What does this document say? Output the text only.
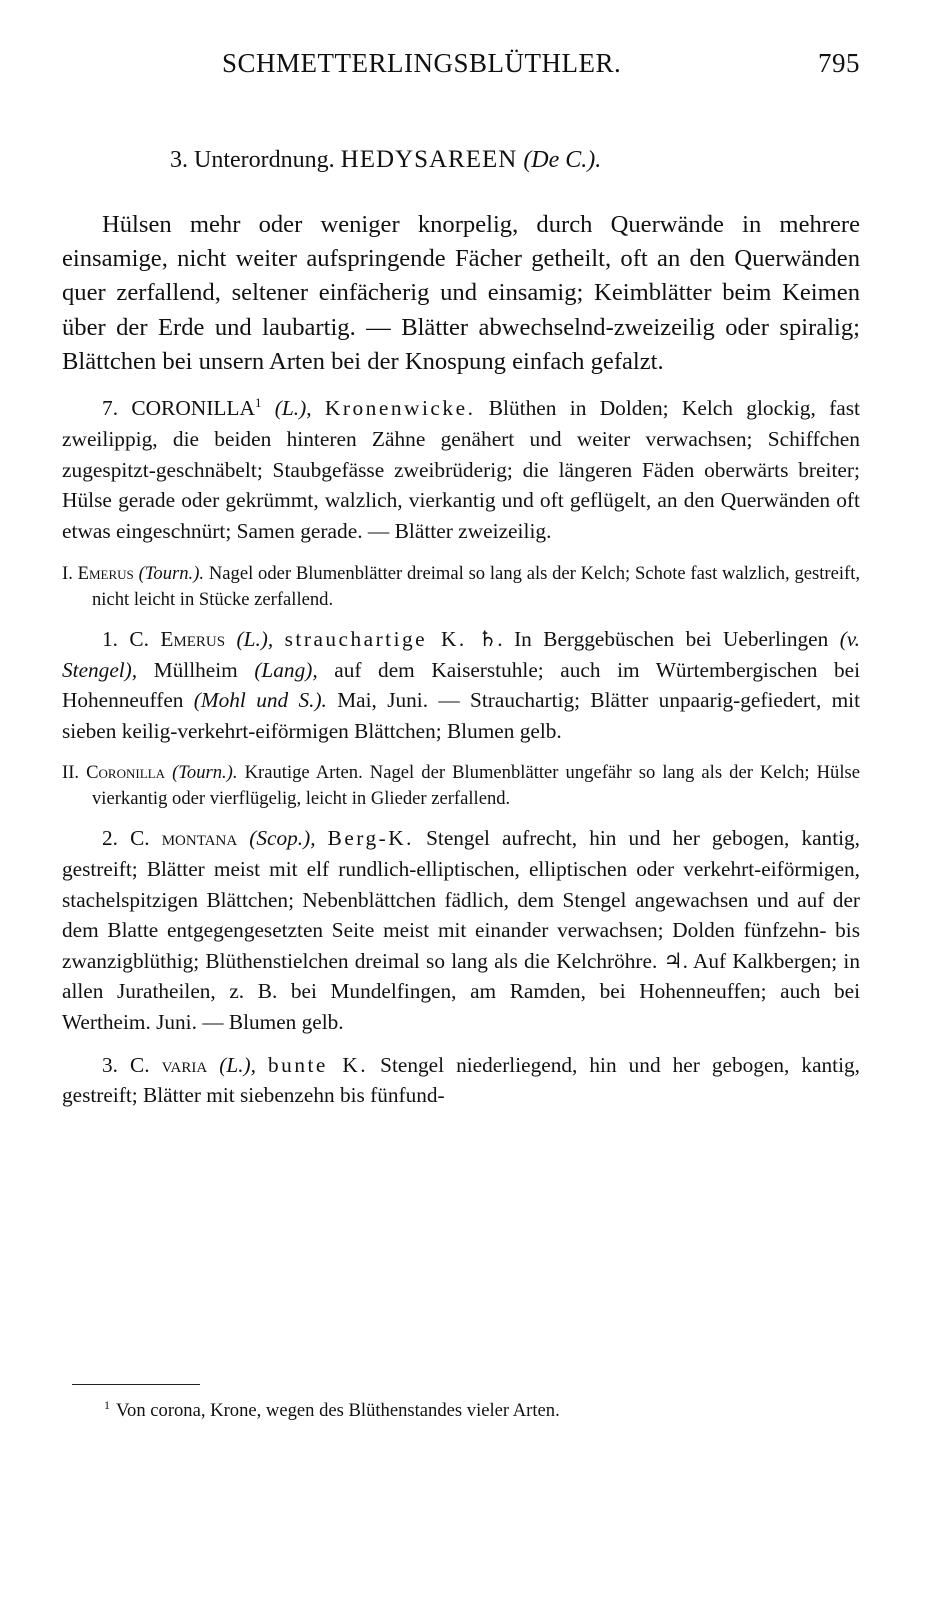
SCHMETTERLINGSBLÜTHLER.	795
3. Unterordnung. HEDYSAREEN (De C.).

Hülsen mehr oder weniger knorpelig, durch Querwände in mehrere einsamige, nicht weiter aufspringende Fächer getheilt, oft an den Querwänden quer zerfallend, seltener einfächerig und einsamig; Keimblätter beim Keimen über der Erde und laubartig. — Blätter abwechselnd-zweizeilig oder spiralig; Blättchen bei unsern Arten bei der Knospung einfach gefalzt.

7. CORONILLA$^1$ (L.), Kronenwicke. Blüthen in Dolden; Kelch glockig, fast zweilippig, die beiden hinteren Zähne genähert und weiter verwachsen; Schiffchen zugespitzt-geschnäbelt; Staubgefässe zweibrüderig; die längeren Fäden oberwärts breiter; Hülse gerade oder gekrümmt, walzlich, vierkantig und oft geflügelt, an den Querwänden oft etwas eingeschnürt; Samen gerade. — Blätter zweizeilig.

I. Emerus (Tourn.). Nagel oder Blumenblätter dreimal so lang als der Kelch; Schote fast walzlich, gestreift, nicht leicht in Stücke zerfallend.

1. C. Emerus (L.), strauchartige K. ♄. In Berggebüschen bei Ueberlingen (v. Stengel), Müllheim (Lang), auf dem Kaiserstuhle; auch im Würtembergischen bei Hohenneuffen (Mohl und S.). Mai, Juni. — Strauchartig; Blätter unpaarig-gefiedert, mit sieben keilig-verkehrt-eiförmigen Blättchen; Blumen gelb.

II. Coronilla (Tourn.). Krautige Arten. Nagel der Blumenblätter ungefähr so lang als der Kelch; Hülse vierkantig oder vierflügelig, leicht in Glieder zerfallend.

2. C. montana (Scop.), Berg-K. Stengel aufrecht, hin und her gebogen, kantig, gestreift; Blätter meist mit elf rundlich-elliptischen, elliptischen oder verkehrt-eiförmigen, stachelspitzigen Blättchen; Nebenblättchen fädlich, dem Stengel angewachsen und auf der dem Blatte entgegengesetzten Seite meist mit einander verwachsen; Dolden fünfzehn- bis zwanzigblüthig; Blüthenstielchen dreimal so lang als die Kelchröhre. ♃. Auf Kalkbergen; in allen Juratheilen, z. B. bei Mundelfingen, am Ramden, bei Hohenneuffen; auch bei Wertheim. Juni. — Blumen gelb.

3. C. varia (L.), bunte K. Stengel niederliegend, hin und her gebogen, kantig, gestreift; Blätter mit siebenzehn bis fünfund-

$^1$ Von corona, Krone, wegen des Blüthenstandes vieler Arten.
